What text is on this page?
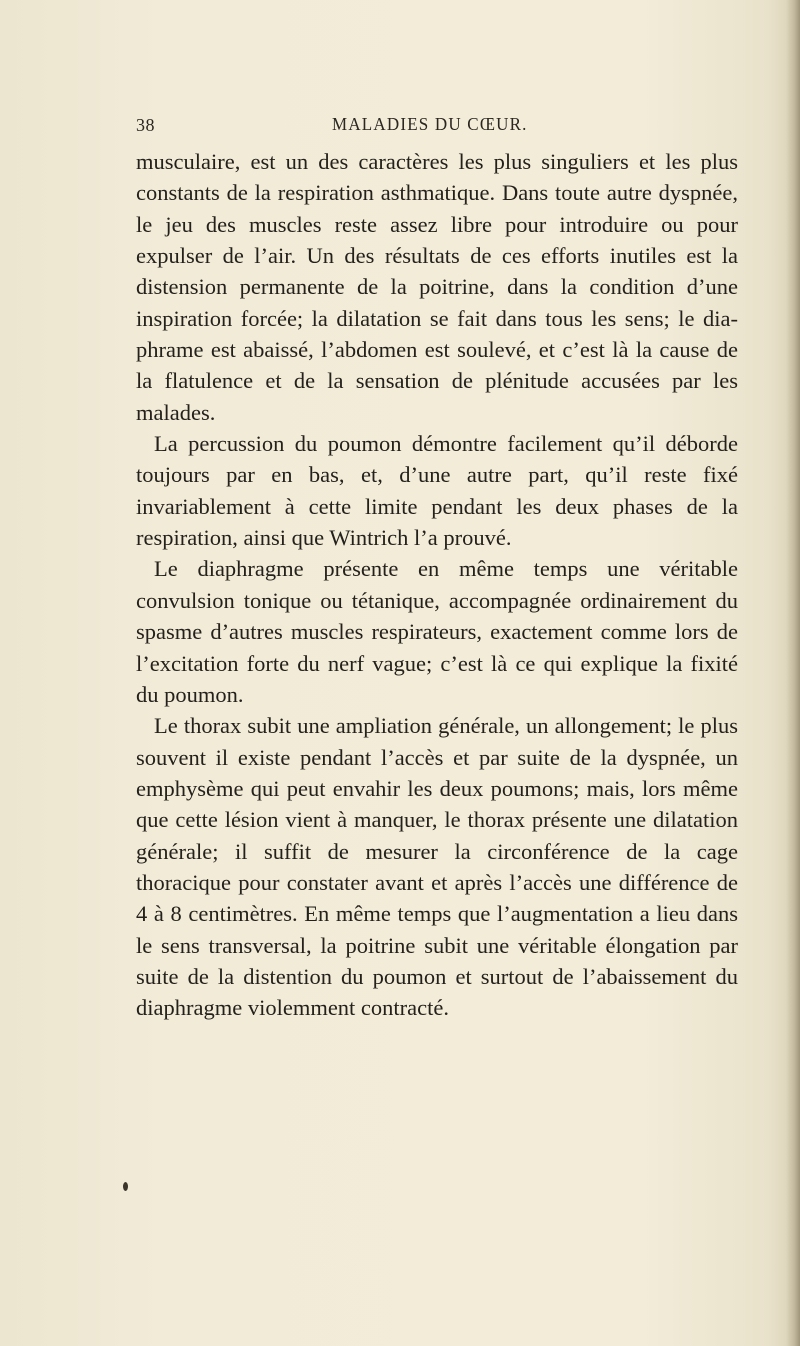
38	MALADIES DU CŒUR.

musculaire, est un des caractères les plus singuliers et les plus constants de la respiration asthmatique. Dans toute autre dyspnée, le jeu des muscles reste assez libre pour introduire ou pour expulser de l’air. Un des résultats de ces efforts inutiles est la distension permanente de la poitrine, dans la condition d’une inspiration forcée; la dilatation se fait dans tous les sens; le diaphrame est abaissé, l’abdomen est soulevé, et c’est là la cause de la flatulence et de la sensation de plénitude accusées par les malades.

La percussion du poumon démontre facilement qu’il déborde toujours par en bas, et, d’une autre part, qu’il reste fixé invariablement à cette limite pendant les deux phases de la respiration, ainsi que Wintrich l’a prouvé.

Le diaphragme présente en même temps une véritable convulsion tonique ou tétanique, accompagnée ordinairement du spasme d’autres muscles respirateurs, exactement comme lors de l’excitation forte du nerf vague; c’est là ce qui explique la fixité du poumon.

Le thorax subit une ampliation générale, un allongement; le plus souvent il existe pendant l’accès et par suite de la dyspnée, un emphysème qui peut envahir les deux poumons; mais, lors même que cette lésion vient à manquer, le thorax présente une dilatation générale; il suffit de mesurer la circonférence de la cage thoracique pour constater avant et après l’accès une différence de 4 à 8 centimètres. En même temps que l’augmentation a lieu dans le sens transversal, la poitrine subit une véritable élongation par suite de la distention du poumon et surtout de l’abaissement du diaphragme violemment contracté.
